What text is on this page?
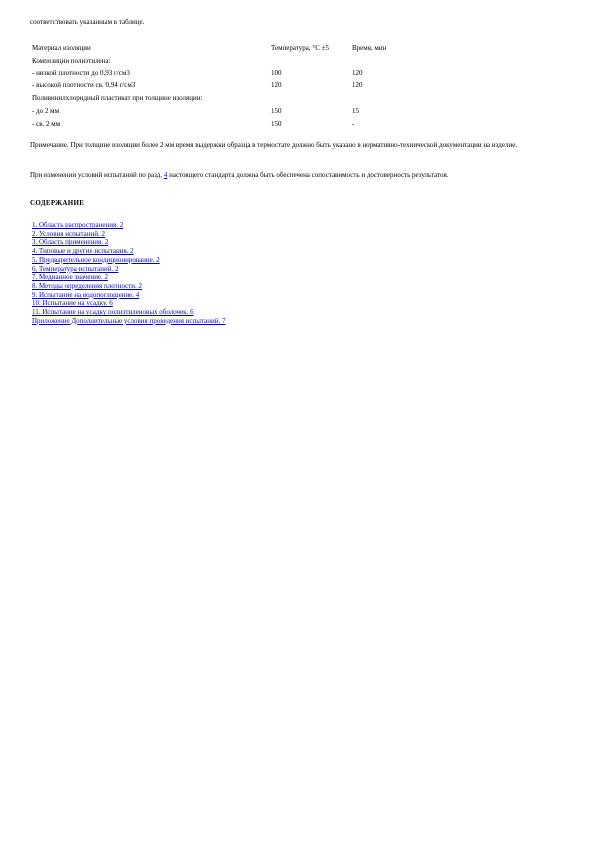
соответствовать указанным в таблице.
Материал изоляции	Температура, °С ±5	Время, мин
Композиции полиэтилена:
- низкой плотности до 0,93 г/см3	100	120
- высокой плотности св. 0,94 г/см3	120	120
Поливинилхлоридный пластикат при толщине изоляции:
- до 2 мм	150	15
- св. 2 мм	150	-
Примечание. При толщине изоляции более 2 мм время выдержки образца в термостате должно быть указано в нормативно-технической документации на изделие.
При изменении условий испытаний по разд. 4 настоящего стандарта должна быть обеспечена сопоставимость и достоверность результатов.
СОДЕРЖАНИЕ
1. Область распространения. 2
2. Условия испытаний. 2
3. Область применения. 2
4. Типовые и другие испытания. 2
5. Предварительное кондиционирование. 2
6. Температура испытаний. 2
7. Медианное значение. 2
8. Методы определения плотности. 2
9. Испытание на водопоглощение. 4
10. Испытание на усадку. 6
11. Испытание на усадку полиэтиленовых оболочек. 6
Приложение Дополнительные условия проведения испытаний. 7
